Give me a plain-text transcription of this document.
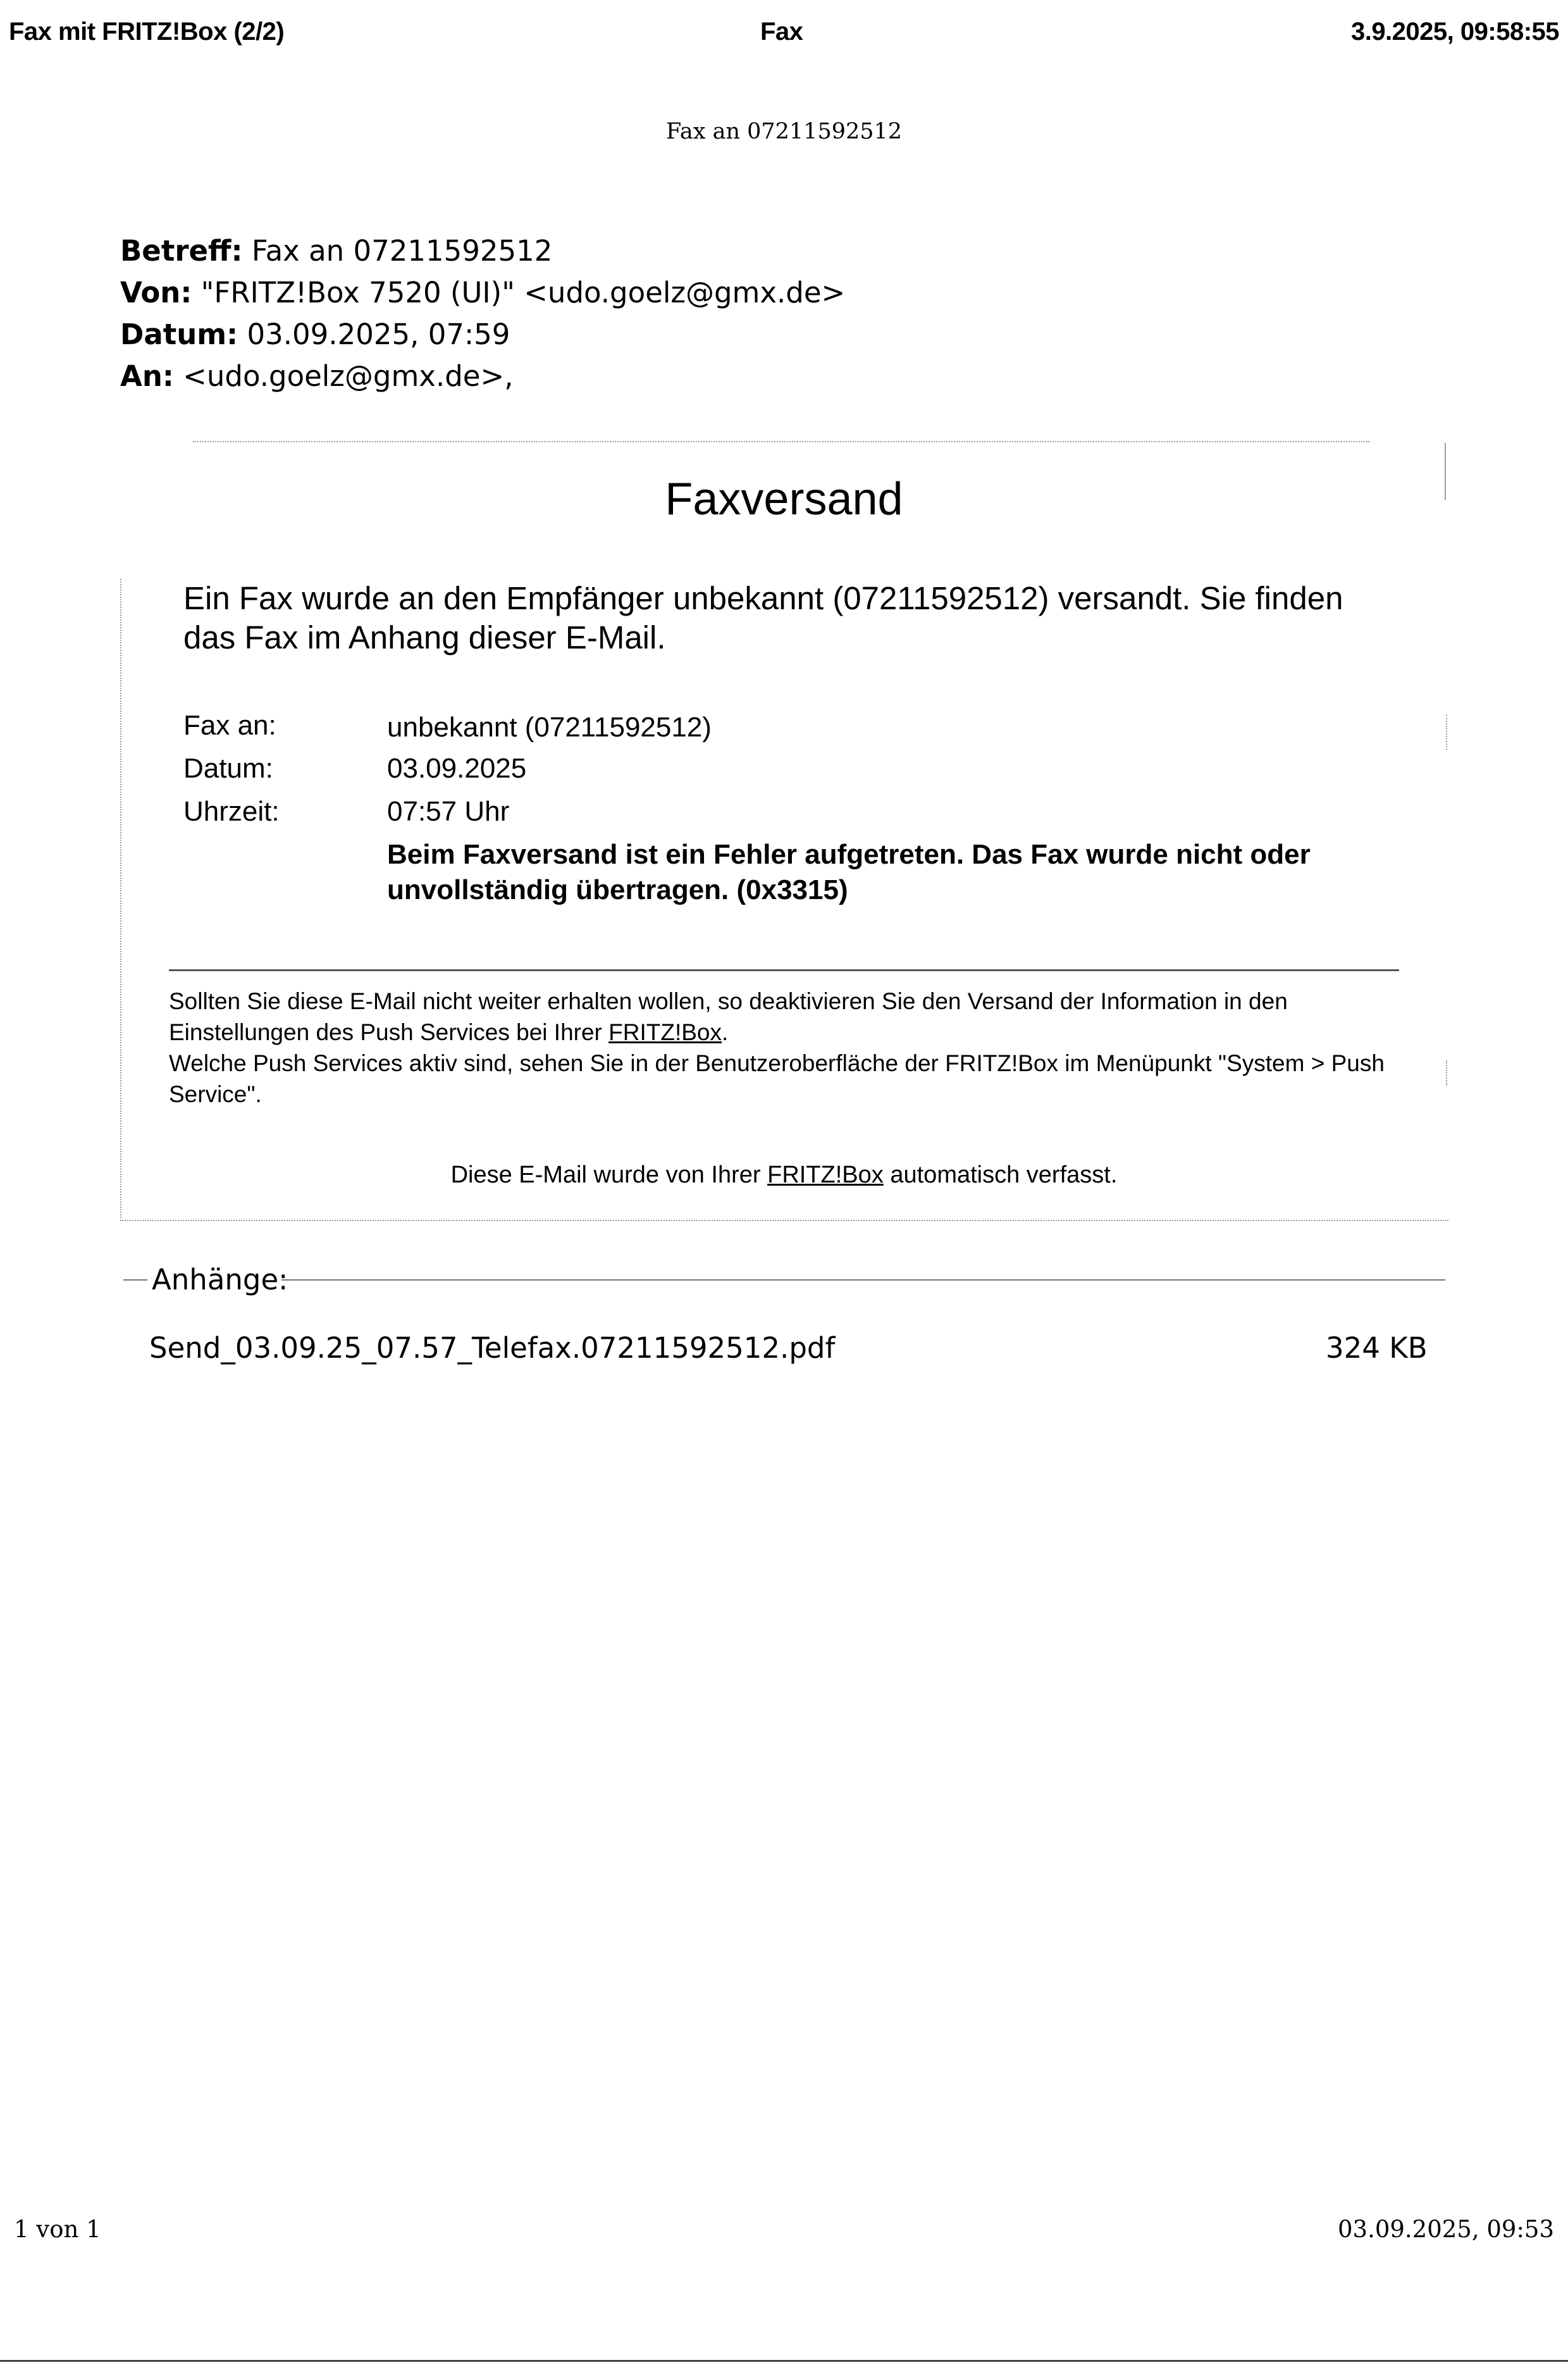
Fax mit FRITZ!Box (2/2)	Fax	3.9.2025, 09:58:55
Fax an 07211592512
Betreff: Fax an 07211592512
Von: "FRITZ!Box 7520 (UI)" <udo.goelz@gmx.de>
Datum: 03.09.2025, 07:59
An: <udo.goelz@gmx.de>,
Faxversand
Ein Fax wurde an den Empfänger unbekannt (07211592512) versandt. Sie finden das Fax im Anhang dieser E-Mail.
Fax an:	unbekannt (07211592512)
Datum:	03.09.2025
Uhrzeit:	07:57 Uhr
Beim Faxversand ist ein Fehler aufgetreten. Das Fax wurde nicht oder unvollständig übertragen. (0x3315)
Sollten Sie diese E-Mail nicht weiter erhalten wollen, so deaktivieren Sie den Versand der Information in den Einstellungen des Push Services bei Ihrer FRITZ!Box.
Welche Push Services aktiv sind, sehen Sie in der Benutzeroberfläche der FRITZ!Box im Menüpunkt "System > Push Service".
Diese E-Mail wurde von Ihrer FRITZ!Box automatisch verfasst.
Anhänge:
Send_03.09.25_07.57_Telefax.07211592512.pdf	324 KB
1 von 1	03.09.2025, 09:53
